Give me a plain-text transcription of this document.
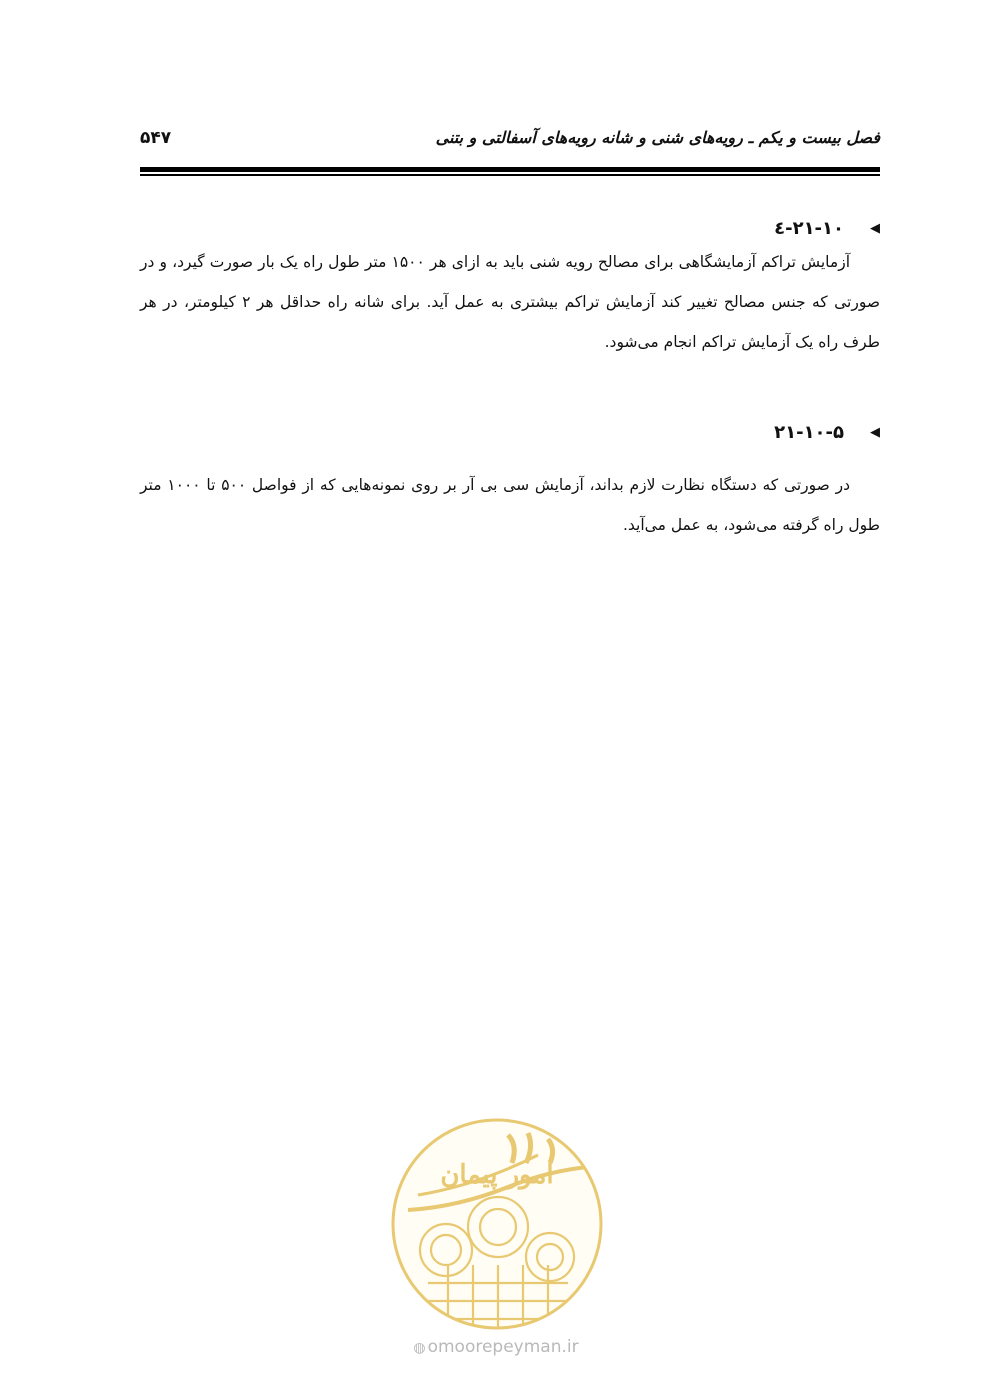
۵۴۷	فصل بیست و یکم ـ رویه‌های شنی و شانه رویه‌های آسفالتی و بتنی
◀
۲۱-۱۰-٤

آزمایش تراکم آزمایشگاهی برای مصالح رویه شنی باید به ازای هر ۱۵۰۰ متر طول راه یک بار صورت گیرد، و در صورتی که جنس مصالح تغییر کند آزمایش تراکم بیشتری به عمل آید. برای شانه راه حداقل هر ۲ کیلومتر، در هر طرف راه یک آزمایش تراکم انجام می‌شود.

◀
۲۱-۱۰-۵

در صورتی که دستگاه نظارت لازم بداند، آزمایش سی بی آر بر روی نمونه‌هایی که از فواصل ۵۰۰ تا ۱۰۰۰ متر طول راه گرفته می‌شود، به عمل می‌آید.

امور پیمان
◍ omoorepeyman.ir
